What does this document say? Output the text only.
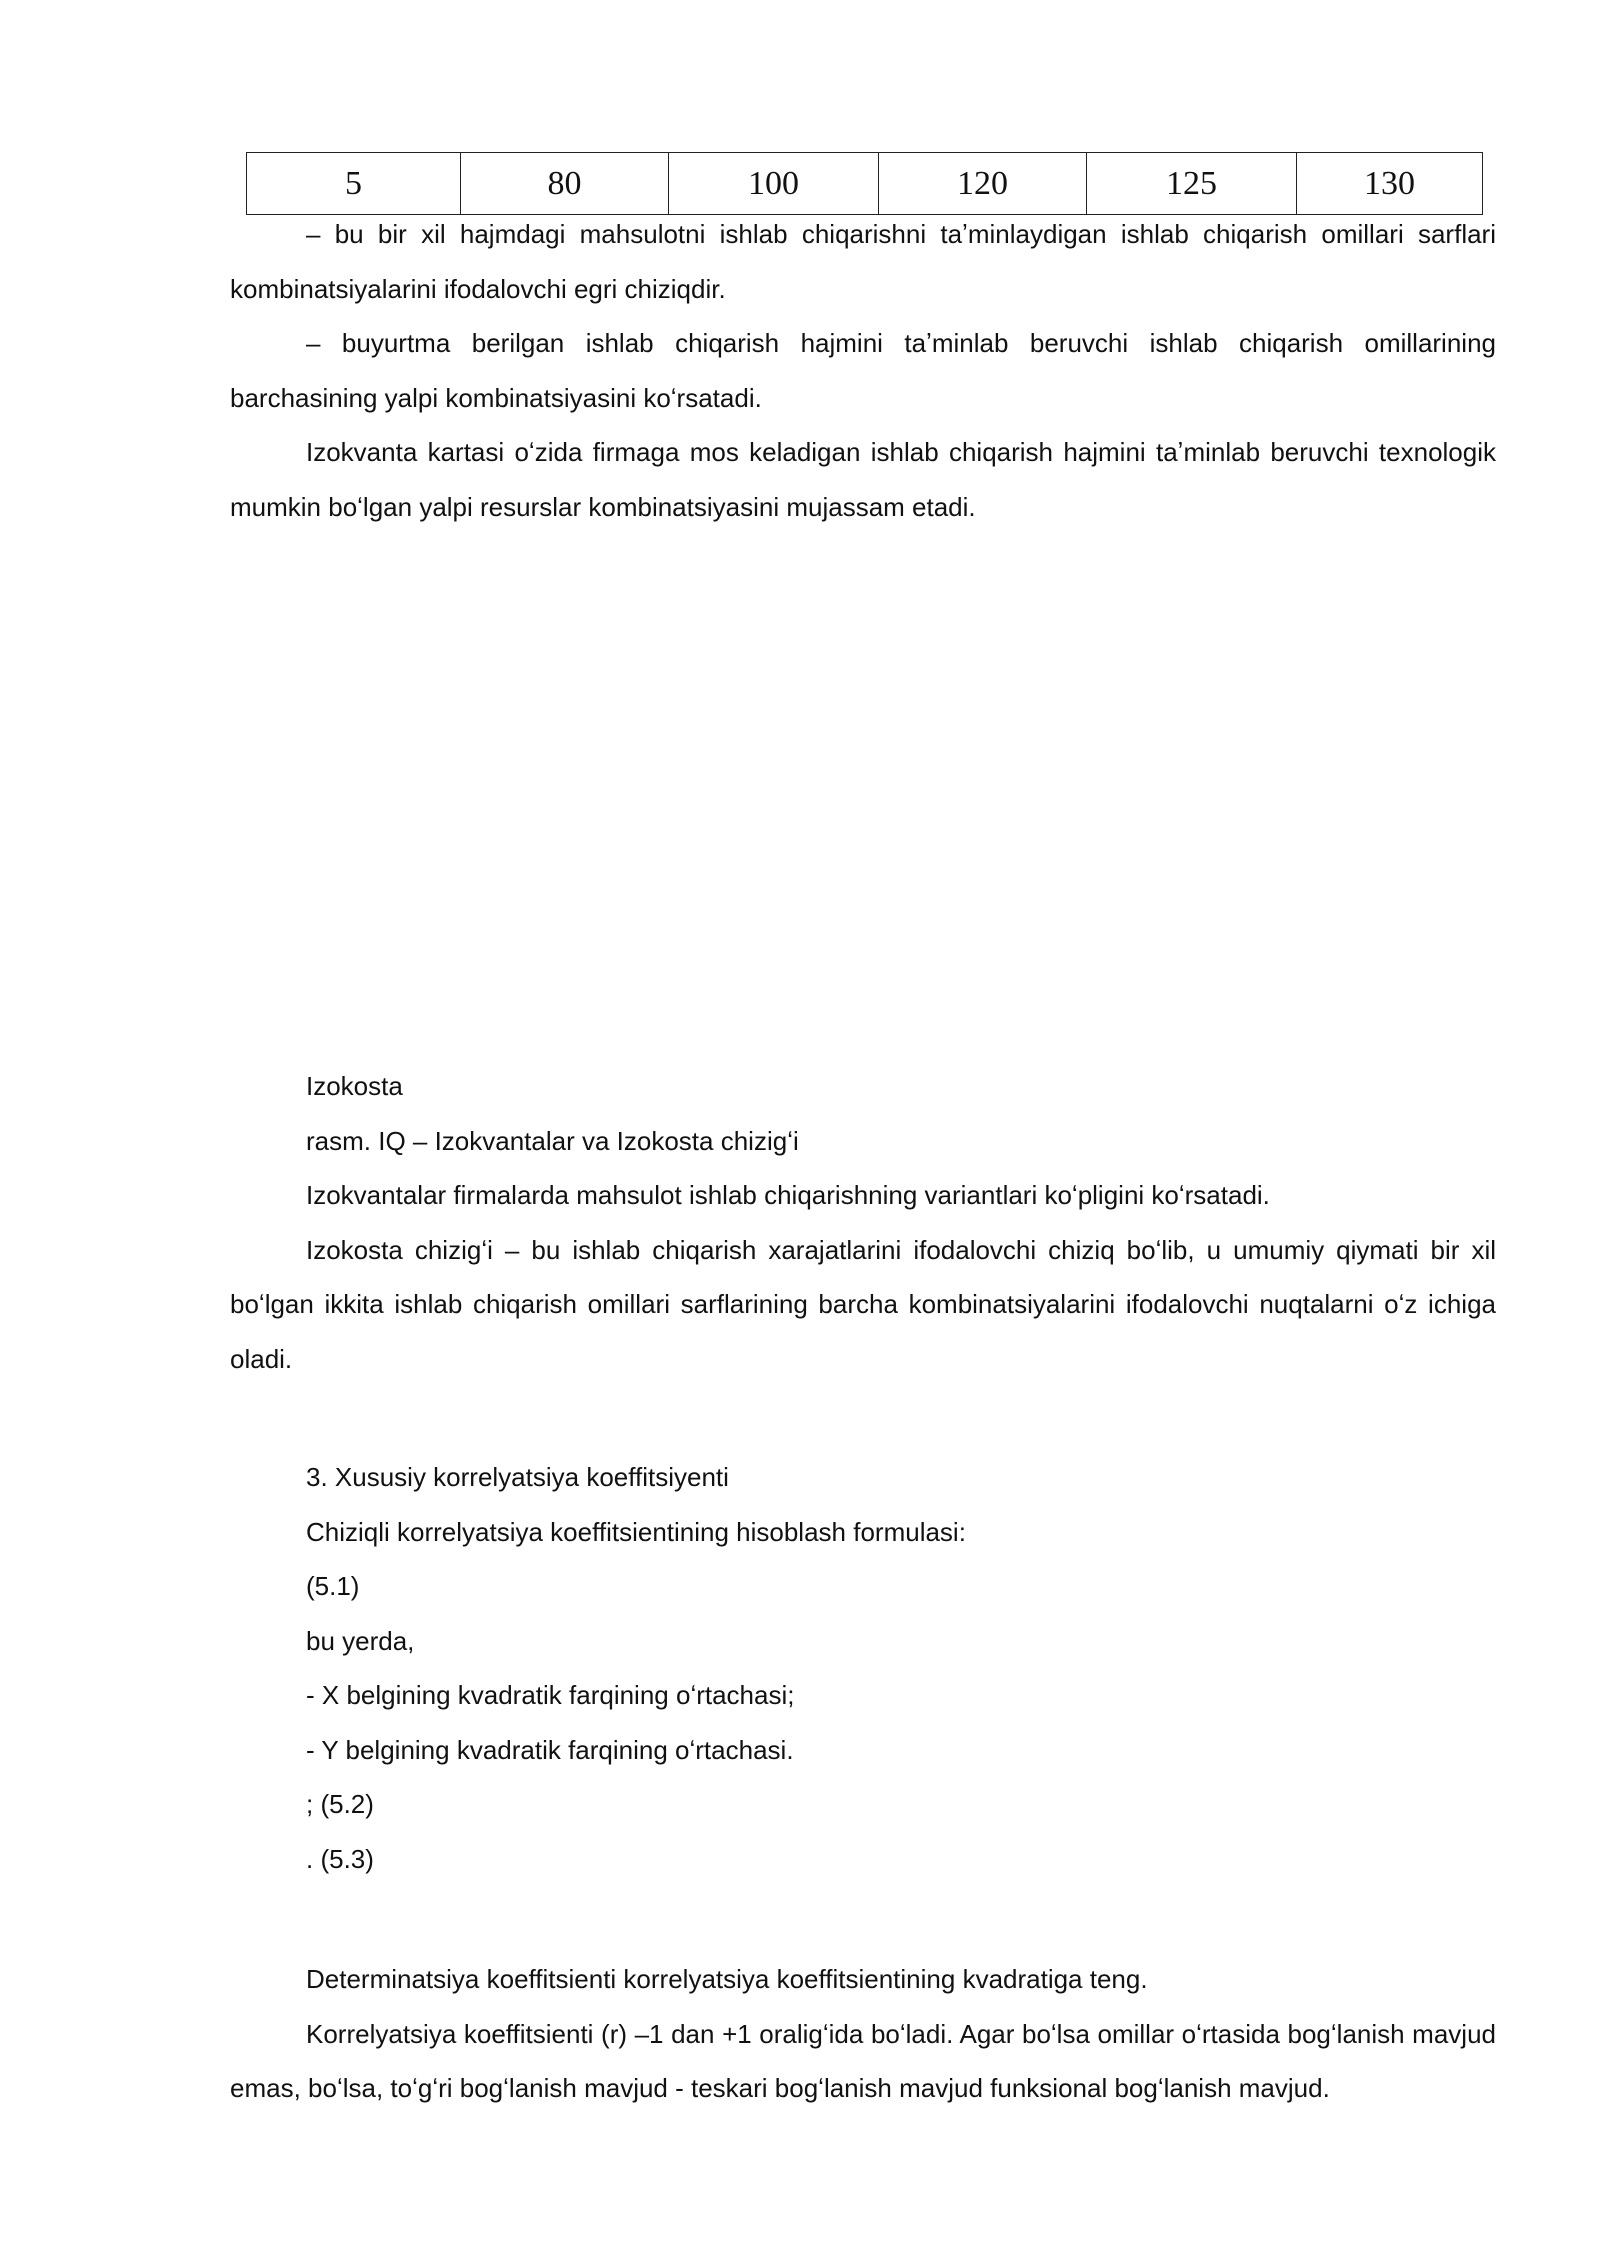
5	80	100	120	125	130

– bu bir xil hajmdagi mahsulotni ishlab chiqarishni taʼminlaydigan ishlab chiqarish omillari sarflari kombinatsiyalarini ifodalovchi egri chiziqdir.

– buyurtma berilgan ishlab chiqarish hajmini taʼminlab beruvchi ishlab chiqarish omillarining barchasining yalpi kombinatsiyasini koʻrsatadi.

Izokvanta kartasi oʻzida firmaga mos keladigan ishlab chiqarish hajmini taʼminlab beruvchi texnologik mumkin boʻlgan yalpi resurslar kombinatsiyasini mujassam etadi.

Izokosta

rasm. IQ – Izokvantalar va Izokosta chizigʻi

Izokvantalar firmalarda mahsulot ishlab chiqarishning variantlari koʻpligini koʻrsatadi.

Izokosta chizigʻi – bu ishlab chiqarish xarajatlarini ifodalovchi chiziq boʻlib, u umumiy qiymati bir xil boʻlgan ikkita ishlab chiqarish omillari sarflarining barcha kombinatsiyalarini ifodalovchi nuqtalarni oʻz ichiga oladi.

3. Xususiy korrelyatsiya koeffitsiyenti

Chiziqli korrelyatsiya koeffitsientining hisoblash formulasi:

(5.1)

bu yerda,

- X belgining kvadratik farqining oʻrtachasi;

- Y belgining kvadratik farqining oʻrtachasi.

; (5.2)

. (5.3)

Determinatsiya koeffitsienti korrelyatsiya koeffitsientining kvadratiga teng.

Korrelyatsiya koeffitsienti (r) –1 dan +1 oraligʻida boʻladi. Agar boʻlsa omillar oʻrtasida bogʻlanish mavjud emas, boʻlsa, toʻgʻri bogʻlanish mavjud - teskari bogʻlanish mavjud funksional bogʻlanish mavjud.
